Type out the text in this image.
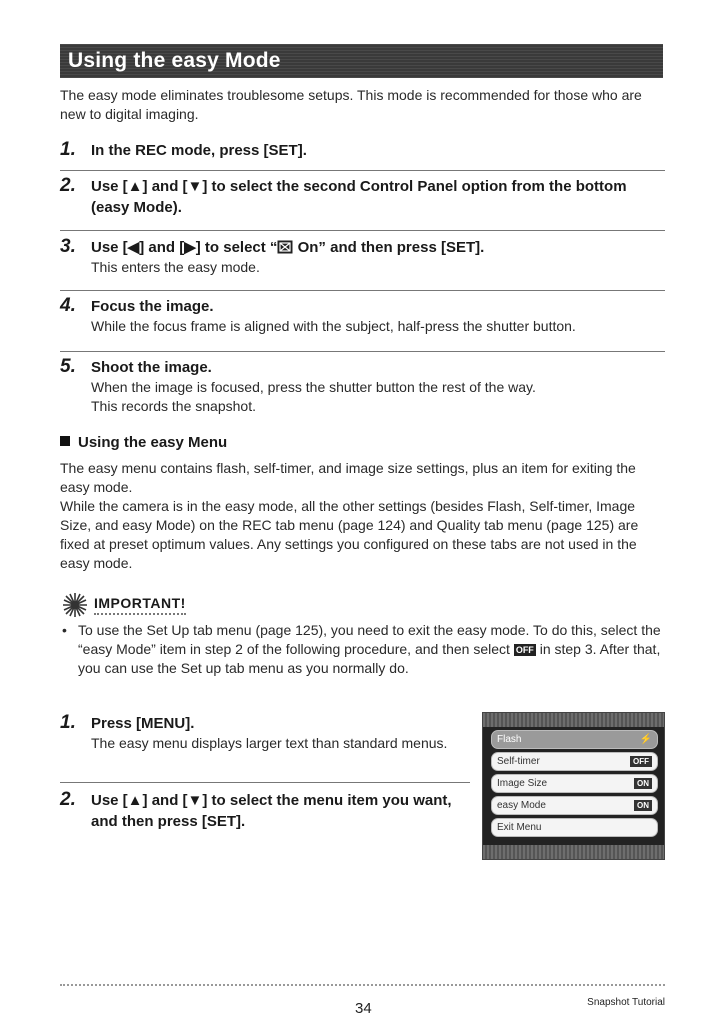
Using the easy Mode
The easy mode eliminates troublesome setups. This mode is recommended for those who are new to digital imaging.
1. In the REC mode, press [SET].
2. Use [▲] and [▼] to select the second Control Panel option from the bottom (easy Mode).
3. Use [◀] and [▶] to select “ On” and then press [SET].
This enters the easy mode.
4. Focus the image.
While the focus frame is aligned with the subject, half-press the shutter button.
5. Shoot the image.
When the image is focused, press the shutter button the rest of the way.
This records the snapshot.
Using the easy Menu
The easy menu contains flash, self-timer, and image size settings, plus an item for exiting the easy mode.
While the camera is in the easy mode, all the other settings (besides Flash, Self-timer, Image Size, and easy Mode) on the REC tab menu (page 124) and Quality tab menu (page 125) are fixed at preset optimum values. Any settings you configured on these tabs are not used in the easy mode.
IMPORTANT!
• To use the Set Up tab menu (page 125), you need to exit the easy mode. To do this, select the “easy Mode” item in step 2 of the following procedure, and then select OFF in step 3. After that, you can use the Set up tab menu as you normally do.
1. Press [MENU].
The easy menu displays larger text than standard menus.
2. Use [▲] and [▼] to select the menu item you want, and then press [SET].
Flash	⚡
Self-timer	OFF
Image Size	ON
easy Mode	ON
Exit Menu
34	Snapshot Tutorial
